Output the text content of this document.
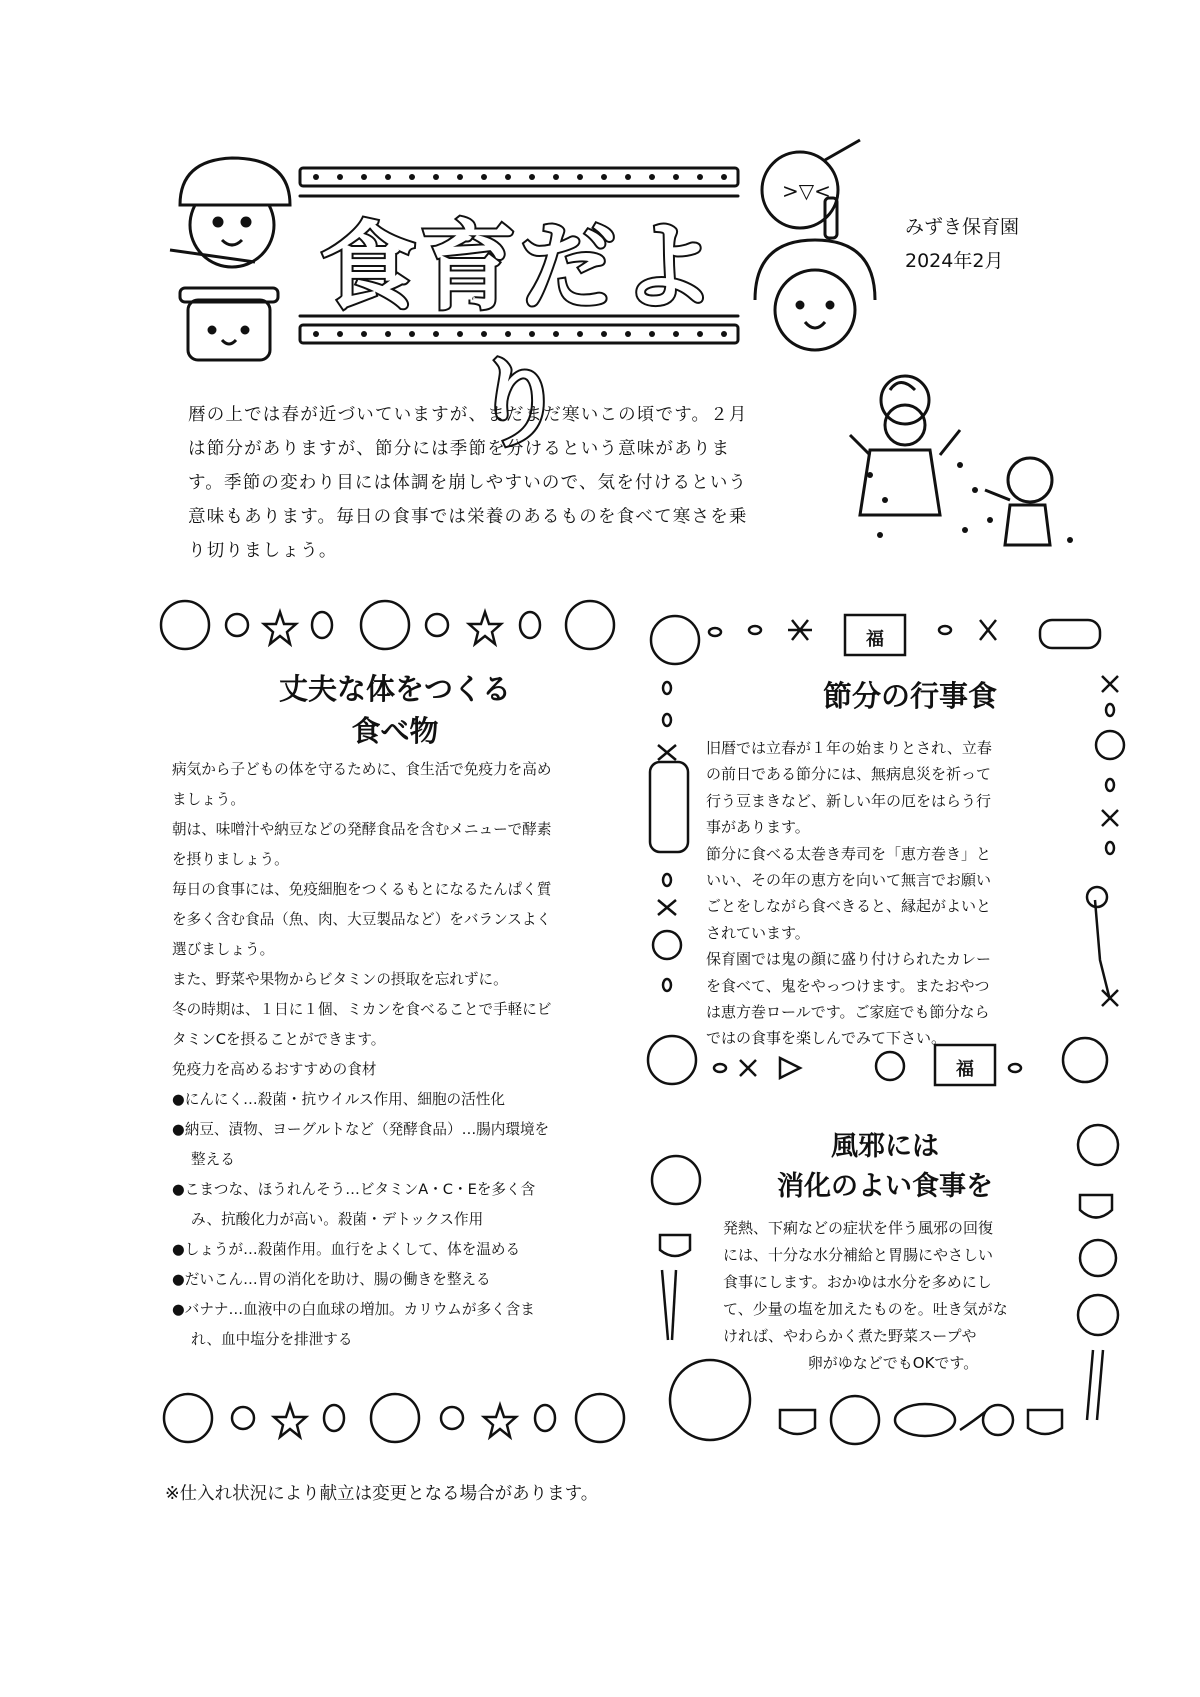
>▽<
食育だより
みずき保育園
2024年2月
暦の上では春が近づいていますが、まだまだ寒いこの頃です。２月
は節分がありますが、節分には季節を分けるという意味がありま
す。季節の変わり目には体調を崩しやすいので、気を付けるという
意味もあります。毎日の食事では栄養のあるものを食べて寒さを乗
り切りましょう。
丈夫な体をつくる
食べ物

病気から子どもの体を守るために、食生活で免疫力を高め

ましょう。

朝は、味噌汁や納豆などの発酵食品を含むメニューで酵素

を摂りましょう。

毎日の食事には、免疫細胞をつくるもとになるたんぱく質

を多く含む食品（魚、肉、大豆製品など）をバランスよく

選びましょう。

また、野菜や果物からビタミンの摂取を忘れずに。

冬の時期は、１日に１個、ミカンを食べることで手軽にビ

タミンCを摂ることができます。

免疫力を高めるおすすめの食材

●にんにく…殺菌・抗ウイルス作用、細胞の活性化

●納豆、漬物、ヨーグルトなど（発酵食品）…腸内環境を

整える

●こまつな、ほうれんそう…ビタミンA・C・Eを多く含

み、抗酸化力が高い。殺菌・デトックス作用

●しょうが…殺菌作用。血行をよくして、体を温める

●だいこん…胃の消化を助け、腸の働きを整える

●バナナ…血液中の白血球の増加。カリウムが多く含ま

れ、血中塩分を排泄する

節分の行事食

旧暦では立春が１年の始まりとされ、立春

の前日である節分には、無病息災を祈って

行う豆まきなど、新しい年の厄をはらう行

事があります。

節分に食べる太巻き寿司を「恵方巻き」と

いい、その年の恵方を向いて無言でお願い

ごとをしながら食べきると、縁起がよいと

されています。

保育園では鬼の顔に盛り付けられたカレー

を食べて、鬼をやっつけます。またおやつ

は恵方巻ロールです。ご家庭でも節分なら

ではの食事を楽しんでみて下さい。

福
福
風邪には
消化のよい食事を

発熱、下痢などの症状を伴う風邪の回復

には、十分な水分補給と胃腸にやさしい

食事にします。おかゆは水分を多めにし

て、少量の塩を加えたものを。吐き気がな

ければ、やわらかく煮た野菜スープや

卵がゆなどでもOKです。

※仕入れ状況により献立は変更となる場合があります。
